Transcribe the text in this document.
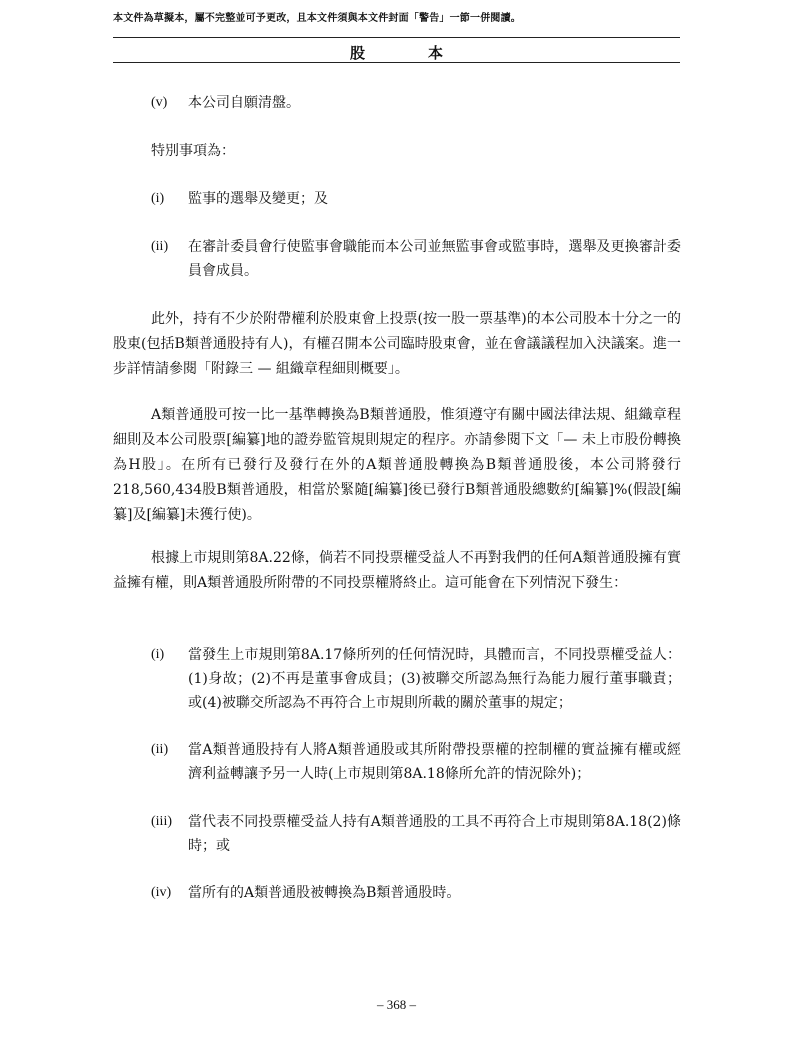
本文件為草擬本，屬不完整並可予更改，且本文件須與本文件封面「警告」一節一併閱讀。
股　本
(v)	本公司自願清盤。
特別事項為：
(i)	監事的選舉及變更；及
(ii)	在審計委員會行使監事會職能而本公司並無監事會或監事時，選舉及更換審計委員會成員。
此外，持有不少於附帶權利於股東會上投票(按一股一票基準)的本公司股本十分之一的股東(包括B類普通股持有人)，有權召開本公司臨時股東會，並在會議議程加入決議案。進一步詳情請參閱「附錄三 — 組織章程細則概要」。
A類普通股可按一比一基準轉換為B類普通股，惟須遵守有關中國法律法規、組織章程細則及本公司股票[編纂]地的證券監管規則規定的程序。亦請參閱下文「— 未上市股份轉換為H股」。在所有已發行及發行在外的A類普通股轉換為B類普通股後，本公司將發行218,560,434股B類普通股，相當於緊隨[編纂]後已發行B類普通股總數約[編纂]%(假設[編纂]及[編纂]未獲行使)。
根據上市規則第8A.22條，倘若不同投票權受益人不再對我們的任何A類普通股擁有實益擁有權，則A類普通股所附帶的不同投票權將終止。這可能會在下列情況下發生：
(i)	當發生上市規則第8A.17條所列的任何情況時，具體而言，不同投票權受益人：(1)身故；(2)不再是董事會成員；(3)被聯交所認為無行為能力履行董事職責；或(4)被聯交所認為不再符合上市規則所載的關於董事的規定；
(ii)	當A類普通股持有人將A類普通股或其所附帶投票權的控制權的實益擁有權或經濟利益轉讓予另一人時(上市規則第8A.18條所允許的情況除外)；
(iii)	當代表不同投票權受益人持有A類普通股的工具不再符合上市規則第8A.18(2)條時；或
(iv)	當所有的A類普通股被轉換為B類普通股時。
– 368 –
